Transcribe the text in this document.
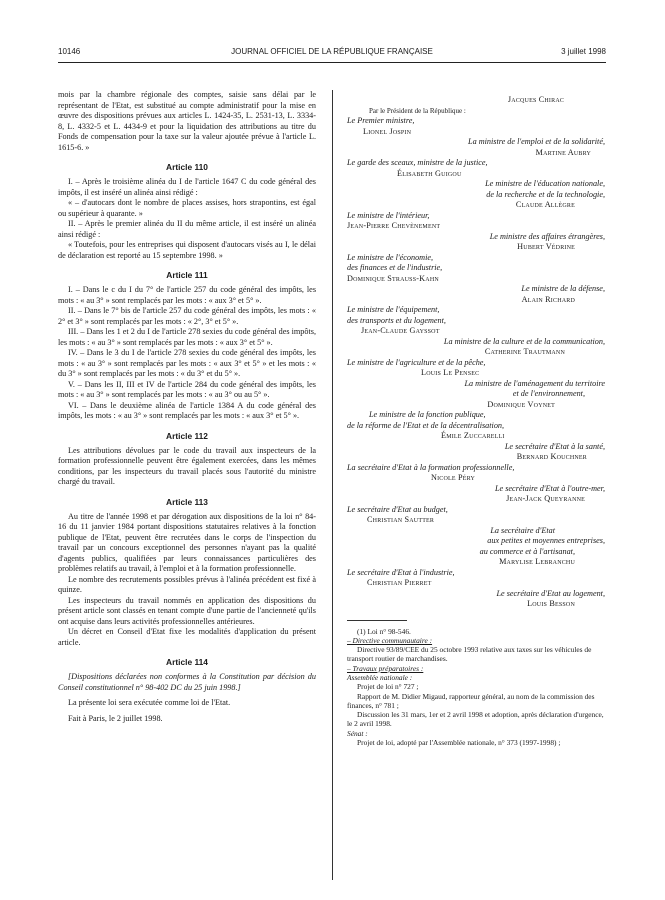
10146	JOURNAL OFFICIEL DE LA RÉPUBLIQUE FRANÇAISE	3 juillet 1998

mois par la chambre régionale des comptes, saisie sans délai par le représentant de l'Etat, est substitué au compte administratif pour la mise en œuvre des dispositions prévues aux articles L. 1424-35, L. 2531-13, L. 3334-8, L. 4332-5 et L. 4434-9 et pour la liquidation des attributions au titre du Fonds de compensation pour la taxe sur la valeur ajoutée prévue à l'article L. 1615-6. »

Article 110

I. – Après le troisième alinéa du I de l'article 1647 C du code général des impôts, il est inséré un alinéa ainsi rédigé :

« – d'autocars dont le nombre de places assises, hors strapontins, est égal ou supérieur à quarante. »

II. – Après le premier alinéa du II du même article, il est inséré un alinéa ainsi rédigé :

« Toutefois, pour les entreprises qui disposent d'autocars visés au I, le délai de déclaration est reporté au 15 septembre 1998. »

Article 111

I. – Dans le c du I du 7° de l'article 257 du code général des impôts, les mots : « au 3° » sont remplacés par les mots : « aux 3° et 5° ».

II. – Dans le 7° bis de l'article 257 du code général des impôts, les mots : « 2° et 3° » sont remplacés par les mots : « 2°, 3° et 5° ».

III. – Dans les 1 et 2 du I de l'article 278 sexies du code général des impôts, les mots : « au 3° » sont remplacés par les mots : « aux 3° et 5° ».

IV. – Dans le 3 du I de l'article 278 sexies du code général des impôts, les mots : « au 3° » sont remplacés par les mots : « aux 3° et 5° » et les mots : « du 3° » sont remplacés par les mots : « du 3° et du 5° ».

V. – Dans les II, III et IV de l'article 284 du code général des impôts, les mots : « au 3° » sont remplacés par les mots : « au 3° ou au 5° ».

VI. – Dans le deuxième alinéa de l'article 1384 A du code général des impôts, les mots : « au 3° » sont remplacés par les mots : « aux 3° et 5° ».

Article 112

Les attributions dévolues par le code du travail aux inspecteurs de la formation professionnelle peuvent être également exercées, dans les mêmes conditions, par les inspecteurs du travail placés sous l'autorité du ministre chargé du travail.

Article 113

Au titre de l'année 1998 et par dérogation aux dispositions de la loi n° 84-16 du 11 janvier 1984 portant dispositions statutaires relatives à la fonction publique de l'Etat, peuvent être recrutées dans le corps de l'inspection du travail par un concours exceptionnel des personnes n'ayant pas la qualité d'agents publics, qualifiées par leurs connaissances particulières des problèmes relatifs au travail, à l'emploi et à la formation professionnelle.

Le nombre des recrutements possibles prévus à l'alinéa précédent est fixé à quinze.

Les inspecteurs du travail nommés en application des dispositions du présent article sont classés en tenant compte d'une partie de l'ancienneté qu'ils ont acquise dans leurs activités professionnelles antérieures.

Un décret en Conseil d'Etat fixe les modalités d'application du présent article.

Article 114

[Dispositions déclarées non conformes à la Constitution par décision du Conseil constitutionnel n° 98-402 DC du 25 juin 1998.]

La présente loi sera exécutée comme loi de l'Etat.

Fait à Paris, le 2 juillet 1998.

Jacques Chirac
Par le Président de la République :
Le Premier ministre,
Lionel Jospin
La ministre de l'emploi et de la solidarité,
Martine Aubry
Le garde des sceaux, ministre de la justice,
Élisabeth Guigou
Le ministre de l'éducation nationale,
de la recherche et de la technologie,
Claude Allègre
Le ministre de l'intérieur,
Jean-Pierre Chevènement
Le ministre des affaires étrangères,
Hubert Védrine
Le ministre de l'économie,
des finances et de l'industrie,
Dominique Strauss-Kahn
Le ministre de la défense,
Alain Richard
Le ministre de l'équipement,
des transports et du logement,
Jean-Claude Gayssot
La ministre de la culture et de la communication,
Catherine Trautmann
Le ministre de l'agriculture et de la pêche,
Louis Le Pensec
La ministre de l'aménagement du territoire
et de l'environnement,
Dominique Voynet
Le ministre de la fonction publique,
de la réforme de l'Etat et de la décentralisation,
Émile Zuccarelli
Le secrétaire d'Etat à la santé,
Bernard Kouchner
La secrétaire d'Etat à la formation professionnelle,
Nicole Péry
Le secrétaire d'Etat à l'outre-mer,
Jean-Jack Queyranne
Le secrétaire d'Etat au budget,
Christian Sautter
La secrétaire d'Etat
aux petites et moyennes entreprises,
au commerce et à l'artisanat,
Marylise Lebranchu
Le secrétaire d'Etat à l'industrie,
Christian Pierret
Le secrétaire d'Etat au logement,
Louis Besson

(1) Loi n° 98-546.

– Directive communautaire :

Directive 93/89/CEE du 25 octobre 1993 relative aux taxes sur les véhicules de transport routier de marchandises.

– Travaux préparatoires :

Assemblée nationale :

Projet de loi n° 727 ;

Rapport de M. Didier Migaud, rapporteur général, au nom de la commission des finances, n° 781 ;

Discussion les 31 mars, 1er et 2 avril 1998 et adoption, après déclaration d'urgence, le 2 avril 1998.

Sénat :

Projet de loi, adopté par l'Assemblée nationale, n° 373 (1997-1998) ;
